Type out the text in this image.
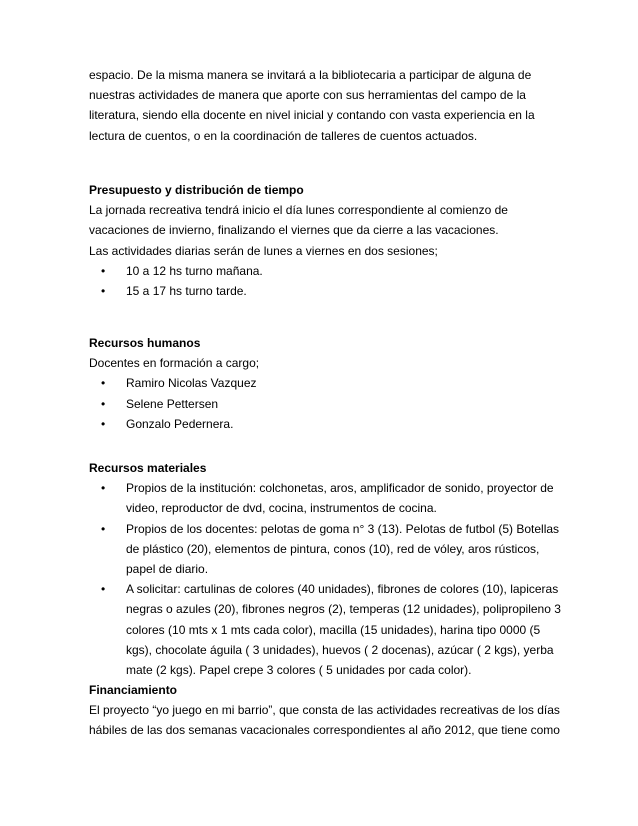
espacio. De la misma manera se invitará a la bibliotecaria a participar de alguna de
nuestras actividades de manera que aporte con sus herramientas del campo de la
literatura, siendo ella docente en nivel inicial y contando con vasta experiencia en la
lectura de cuentos, o en la coordinación de talleres de cuentos actuados.
Presupuesto y distribución de tiempo
La jornada recreativa tendrá inicio el día lunes correspondiente al comienzo de
vacaciones de invierno, finalizando el viernes que da cierre a las vacaciones.
Las actividades diarias serán de lunes a viernes en dos sesiones;
• 10 a 12 hs turno mañana.
• 15 a 17 hs turno tarde.
Recursos humanos
Docentes en formación a cargo;
• Ramiro Nicolas Vazquez
• Selene Pettersen
• Gonzalo Pedernera.
Recursos materiales
• Propios de la institución: colchonetas, aros, amplificador de sonido, proyector de
video, reproductor de dvd, cocina, instrumentos de cocina.
• Propios de los docentes: pelotas de goma n° 3 (13). Pelotas de futbol (5) Botellas
de plástico (20), elementos de pintura, conos (10), red de vóley, aros rústicos,
papel de diario.
• A solicitar: cartulinas de colores (40 unidades), fibrones de colores (10), lapiceras
negras o azules (20), fibrones negros (2), temperas (12 unidades), polipropileno 3
colores (10 mts x 1 mts cada color), macilla (15 unidades), harina tipo 0000 (5
kgs), chocolate águila ( 3 unidades), huevos ( 2 docenas), azúcar ( 2 kgs), yerba
mate (2 kgs). Papel crepe 3 colores ( 5 unidades por cada color).
Financiamiento
El proyecto “yo juego en mi barrio”, que consta de las actividades recreativas de los días
hábiles de las dos semanas vacacionales correspondientes al año 2012, que tiene como
